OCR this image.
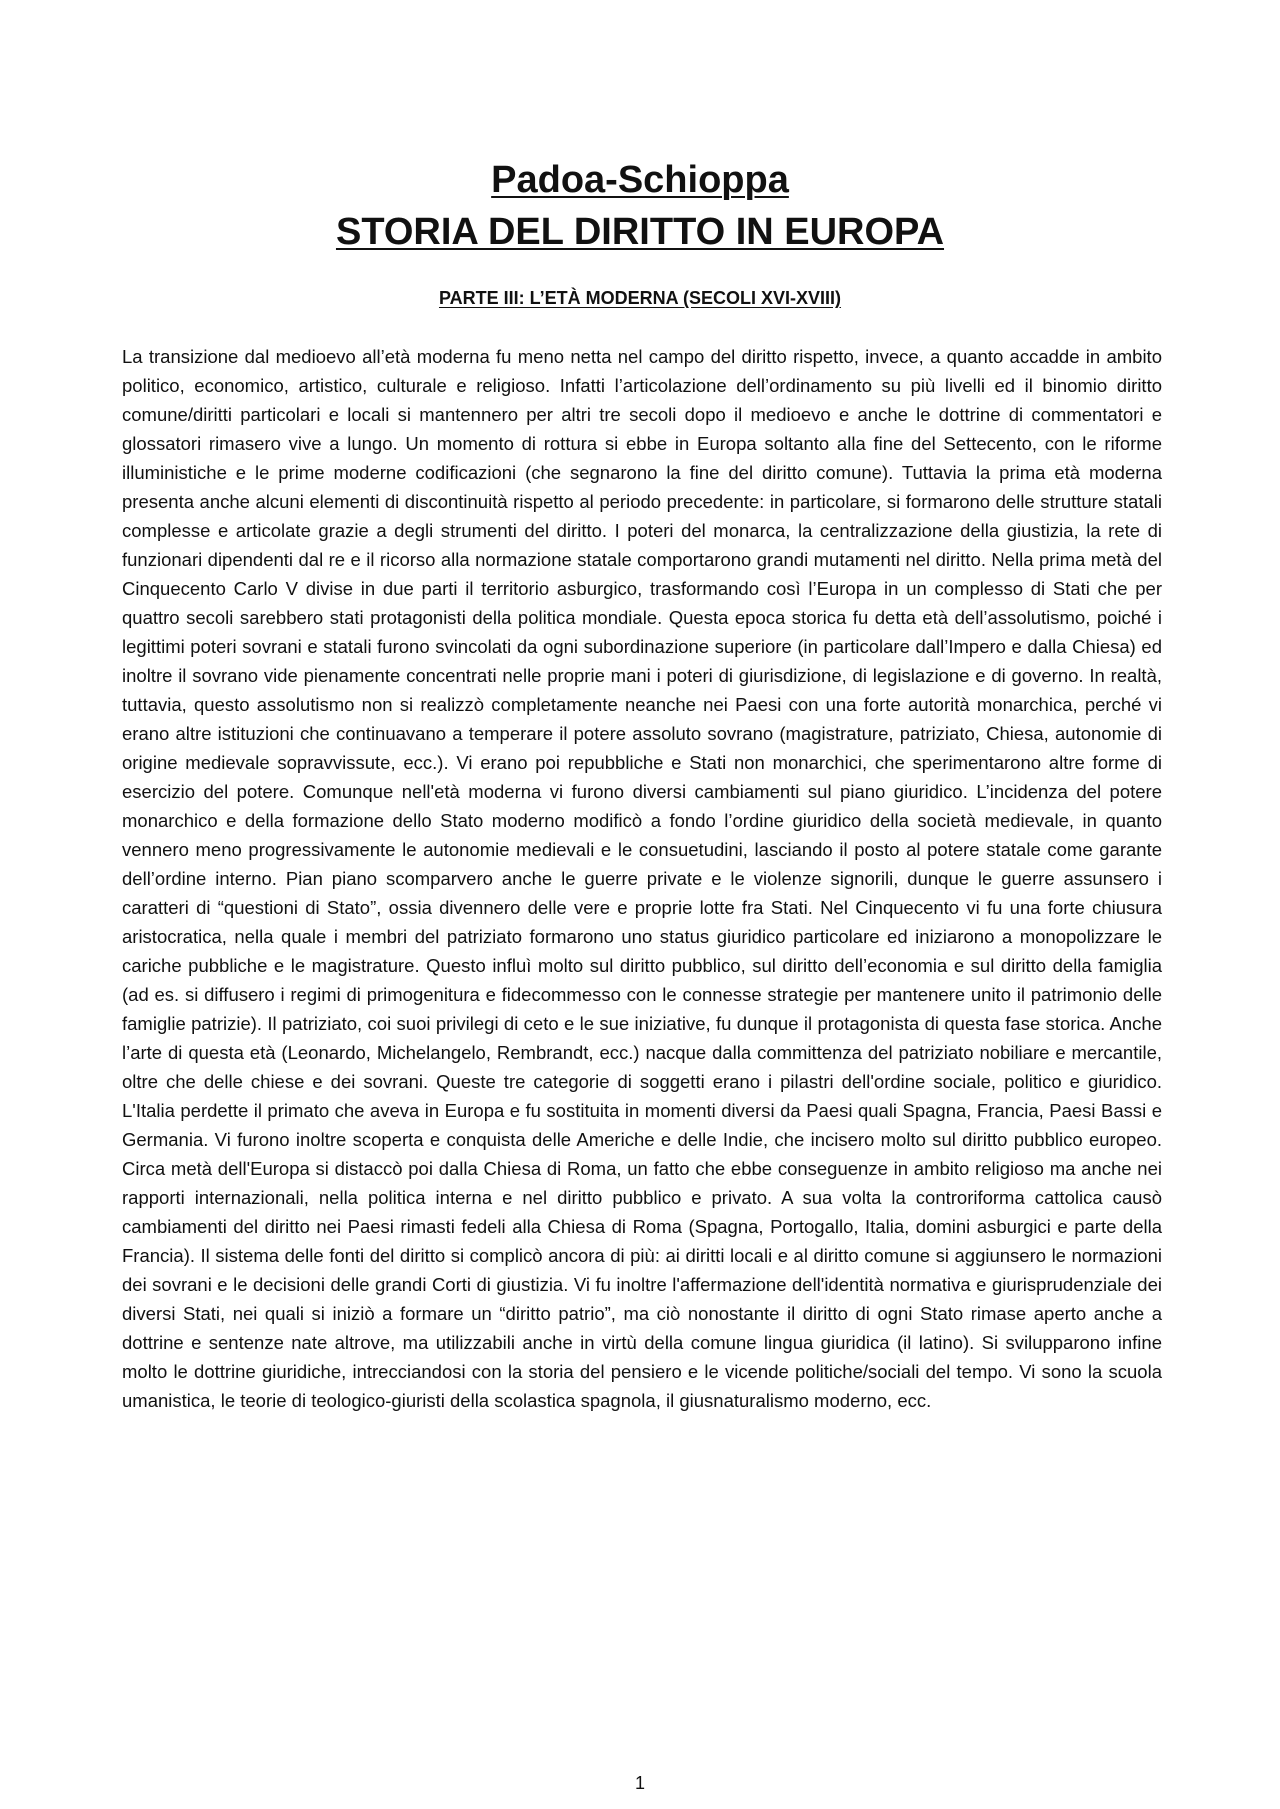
Padoa-Schioppa
STORIA DEL DIRITTO IN EUROPA
PARTE III: L’ETÀ MODERNA (SECOLI XVI-XVIII)

La transizione dal medioevo all’età moderna fu meno netta nel campo del diritto rispetto, invece, a quanto accadde in ambito politico, economico, artistico, culturale e religioso. Infatti l’articolazione dell’ordinamento su più livelli ed il binomio diritto comune/diritti particolari e locali si mantennero per altri tre secoli dopo il medioevo e anche le dottrine di commentatori e glossatori rimasero vive a lungo. Un momento di rottura si ebbe in Europa soltanto alla fine del Settecento, con le riforme illuministiche e le prime moderne codificazioni (che segnarono la fine del diritto comune). Tuttavia la prima età moderna presenta anche alcuni elementi di discontinuità rispetto al periodo precedente: in particolare, si formarono delle strutture statali complesse e articolate grazie a degli strumenti del diritto. I poteri del monarca, la centralizzazione della giustizia, la rete di funzionari dipendenti dal re e il ricorso alla normazione statale comportarono grandi mutamenti nel diritto. Nella prima metà del Cinquecento Carlo V divise in due parti il territorio asburgico, trasformando così l’Europa in un complesso di Stati che per quattro secoli sarebbero stati protagonisti della politica mondiale. Questa epoca storica fu detta età dell’assolutismo, poiché i legittimi poteri sovrani e statali furono svincolati da ogni subordinazione superiore (in particolare dall’Impero e dalla Chiesa) ed inoltre il sovrano vide pienamente concentrati nelle proprie mani i poteri di giurisdizione, di legislazione e di governo. In realtà, tuttavia, questo assolutismo non si realizzò completamente neanche nei Paesi con una forte autorità monarchica, perché vi erano altre istituzioni che continuavano a temperare il potere assoluto sovrano (magistrature, patriziato, Chiesa, autonomie di origine medievale sopravvissute, ecc.). Vi erano poi repubbliche e Stati non monarchici, che sperimentarono altre forme di esercizio del potere. Comunque nell'età moderna vi furono diversi cambiamenti sul piano giuridico. L’incidenza del potere monarchico e della formazione dello Stato moderno modificò a fondo l’ordine giuridico della società medievale, in quanto vennero meno progressivamente le autonomie medievali e le consuetudini, lasciando il posto al potere statale come garante dell’ordine interno. Pian piano scomparvero anche le guerre private e le violenze signorili, dunque le guerre assunsero i caratteri di “questioni di Stato”, ossia divennero delle vere e proprie lotte fra Stati. Nel Cinquecento vi fu una forte chiusura aristocratica, nella quale i membri del patriziato formarono uno status giuridico particolare ed iniziarono a monopolizzare le cariche pubbliche e le magistrature. Questo influì molto sul diritto pubblico, sul diritto dell’economia e sul diritto della famiglia (ad es. si diffusero i regimi di primogenitura e fidecommesso con le connesse strategie per mantenere unito il patrimonio delle famiglie patrizie). Il patriziato, coi suoi privilegi di ceto e le sue iniziative, fu dunque il protagonista di questa fase storica. Anche l’arte di questa età (Leonardo, Michelangelo, Rembrandt, ecc.) nacque dalla committenza del patriziato nobiliare e mercantile, oltre che delle chiese e dei sovrani. Queste tre categorie di soggetti erano i pilastri dell'ordine sociale, politico e giuridico. L'Italia perdette il primato che aveva in Europa e fu sostituita in momenti diversi da Paesi quali Spagna, Francia, Paesi Bassi e Germania. Vi furono inoltre scoperta e conquista delle Americhe e delle Indie, che incisero molto sul diritto pubblico europeo. Circa metà dell'Europa si distaccò poi dalla Chiesa di Roma, un fatto che ebbe conseguenze in ambito religioso ma anche nei rapporti internazionali, nella politica interna e nel diritto pubblico e privato. A sua volta la controriforma cattolica causò cambiamenti del diritto nei Paesi rimasti fedeli alla Chiesa di Roma (Spagna, Portogallo, Italia, domini asburgici e parte della Francia). Il sistema delle fonti del diritto si complicò ancora di più: ai diritti locali e al diritto comune si aggiunsero le normazioni dei sovrani e le decisioni delle grandi Corti di giustizia. Vi fu inoltre l'affermazione dell'identità normativa e giurisprudenziale dei diversi Stati, nei quali si iniziò a formare un “diritto patrio”, ma ciò nonostante il diritto di ogni Stato rimase aperto anche a dottrine e sentenze nate altrove, ma utilizzabili anche in virtù della comune lingua giuridica (il latino). Si svilupparono infine molto le dottrine giuridiche, intrecciandosi con la storia del pensiero e le vicende politiche/sociali del tempo. Vi sono la scuola umanistica, le teorie di teologico-giuristi della scolastica spagnola, il giusnaturalismo moderno, ecc.

1
